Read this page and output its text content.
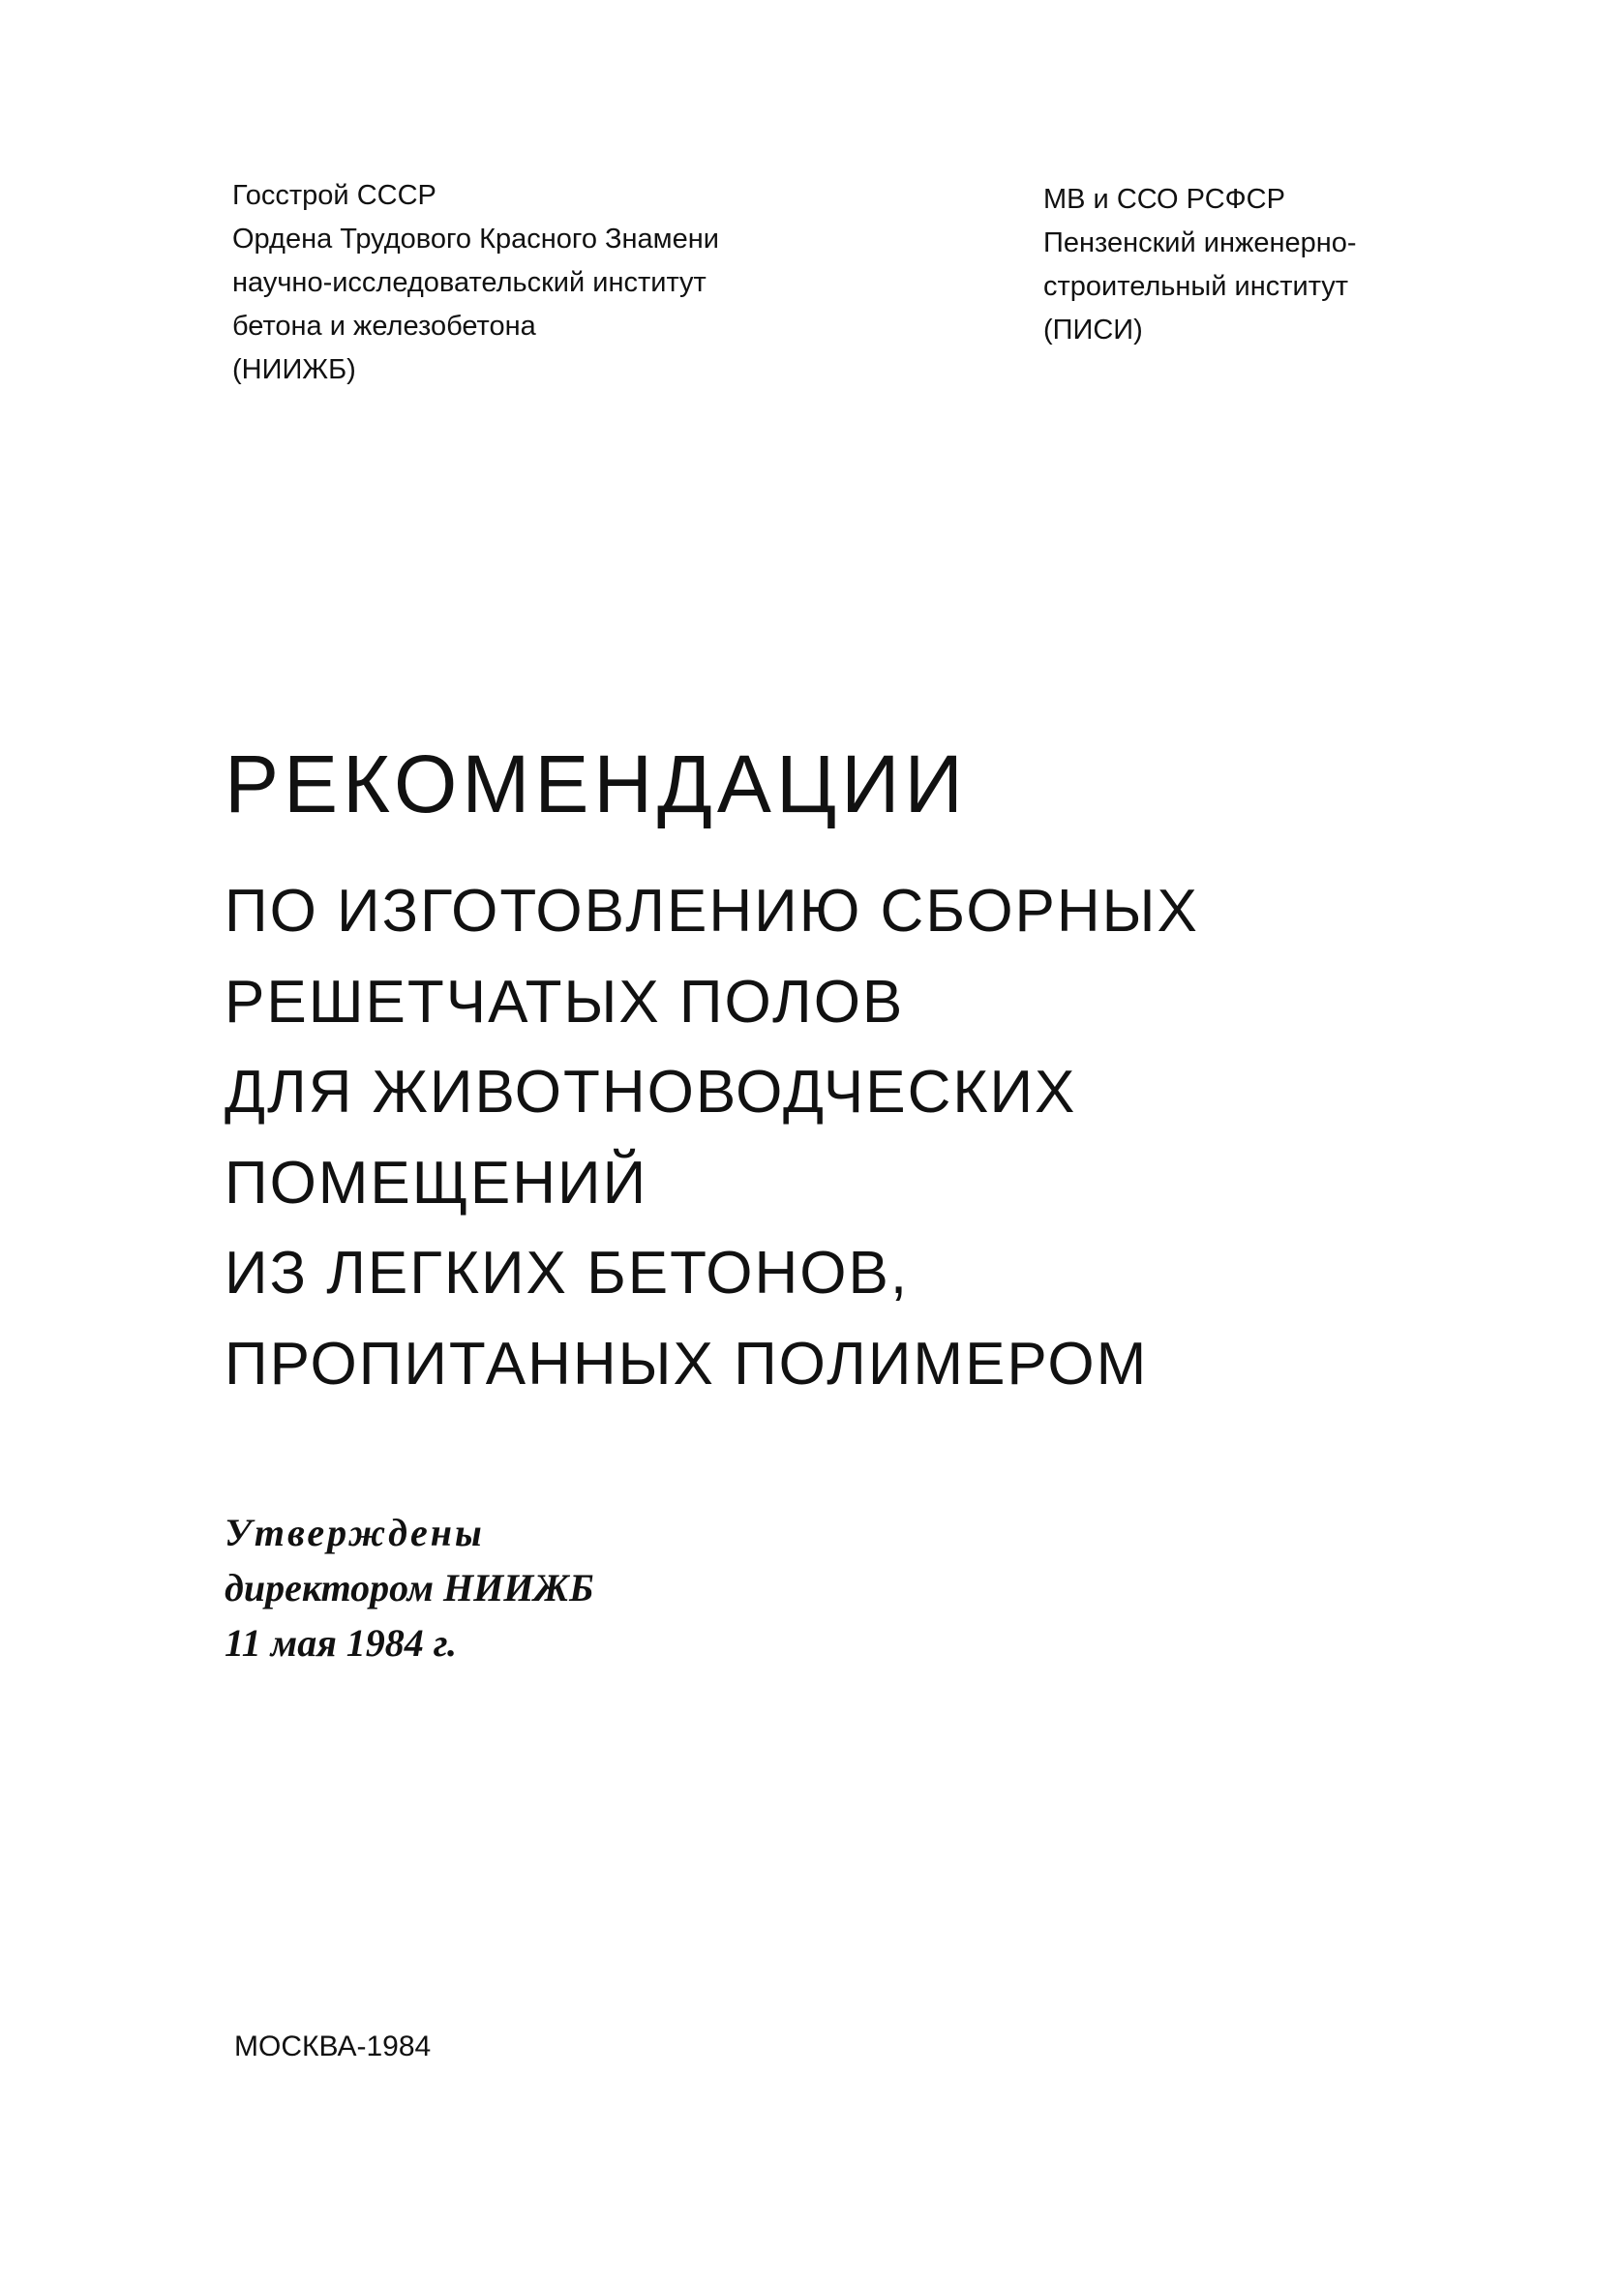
Госстрой СССР
Ордена Трудового Красного Знамени
научно-исследовательский институт
бетона и железобетона
(НИИЖБ)
МВ и ССО РСФСР
Пензенский инженерно-
строительный институт
(ПИСИ)
РЕКОМЕНДАЦИИ
ПО ИЗГОТОВЛЕНИЮ СБОРНЫХ
РЕШЕТЧАТЫХ ПОЛОВ
ДЛЯ ЖИВОТНОВОДЧЕСКИХ
ПОМЕЩЕНИЙ
ИЗ ЛЕГКИХ БЕТОНОВ,
ПРОПИТАННЫХ ПОЛИМЕРОМ
Утверждены
директором НИИЖБ
11 мая 1984 г.
МОСКВА-1984
